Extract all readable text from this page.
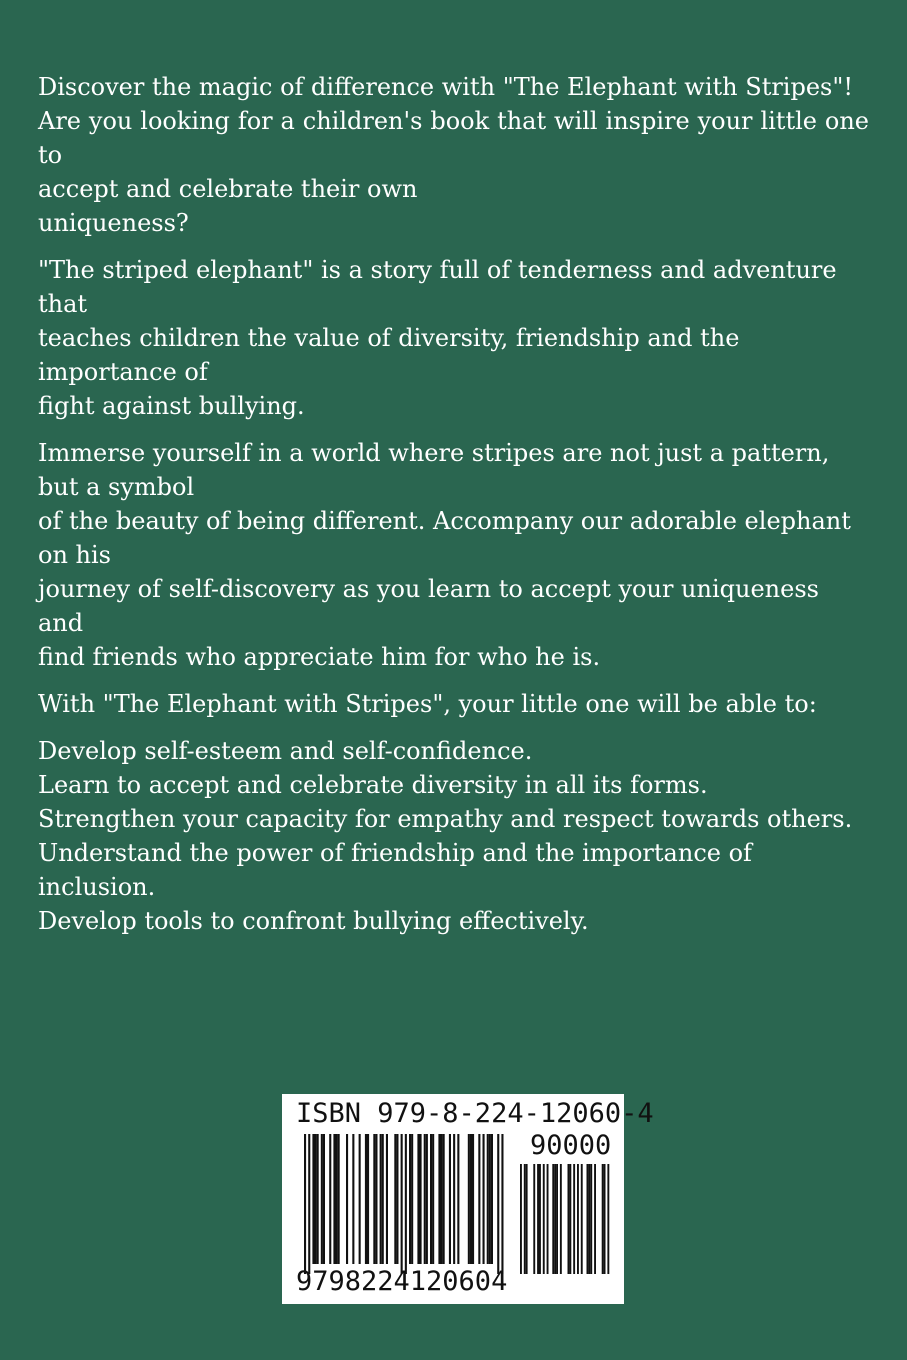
Discover the magic of difference with "The Elephant with Stripes"!

Are you looking for a children's book that will inspire your little one to

accept and celebrate their own

uniqueness?

"The striped elephant" is a story full of tenderness and adventure that

teaches children the value of diversity, friendship and the importance of

fight against bullying.

Immerse yourself in a world where stripes are not just a pattern, but a symbol

of the beauty of being different. Accompany our adorable elephant on his

journey of self-discovery as you learn to accept your uniqueness and

find friends who appreciate him for who he is.

With "The Elephant with Stripes", your little one will be able to:

Develop self-esteem and self-confidence.

Learn to accept and celebrate diversity in all its forms.

Strengthen your capacity for empathy and respect towards others.

Understand the power of friendship and the importance of inclusion.

Develop tools to confront bullying effectively.

ISBN 979-8-224-12060-4
90000
9798224120604
